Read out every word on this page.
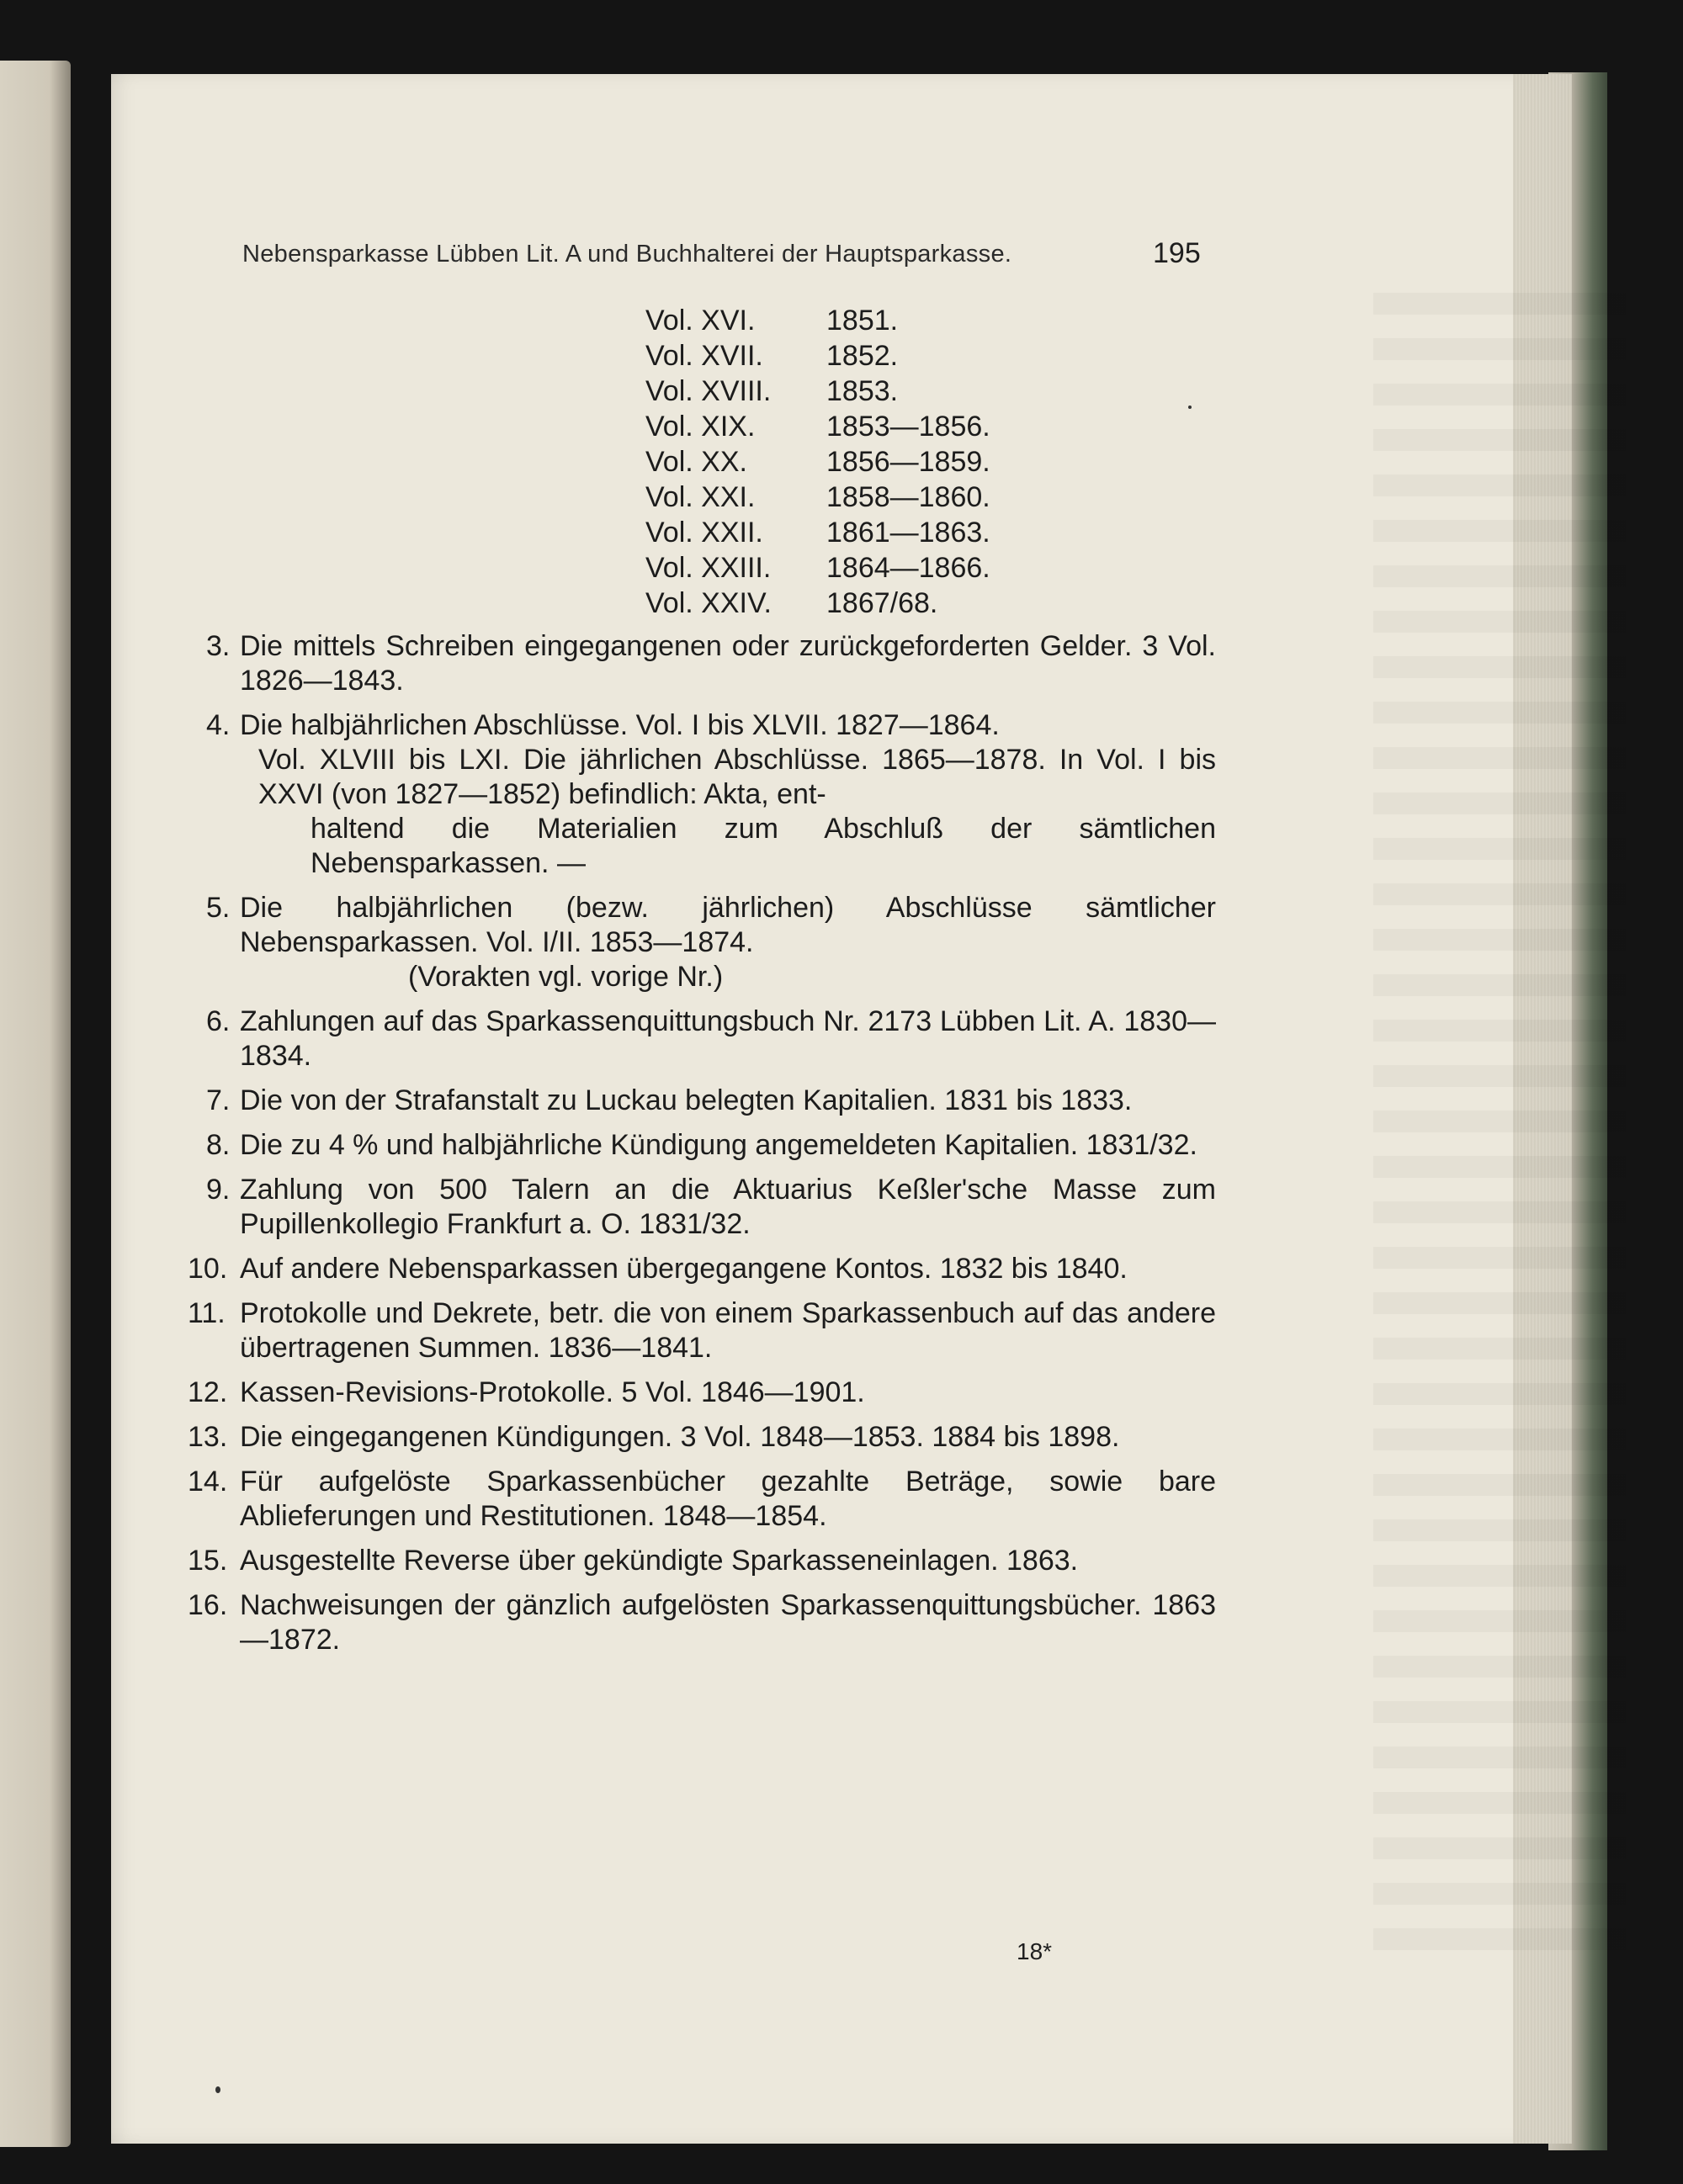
Nebensparkasse Lübben Lit. A und Buchhalterei der Hauptsparkasse.	195
Vol. XVI.	1851.
Vol. XVII.	1852.
Vol. XVIII.	1853.
Vol. XIX.	1853—1856.
Vol. XX.	1856—1859.
Vol. XXI.	1858—1860.
Vol. XXII.	1861—1863.
Vol. XXIII.	1864—1866.
Vol. XXIV.	1867/68.
3. Die mittels Schreiben eingegangenen oder zurückgeforderten Gelder. 3 Vol. 1826—1843.
4. Die halbjährlichen Abschlüsse. Vol. I bis XLVII. 1827—1864.
Vol. XLVIII bis LXI. Die jährlichen Abschlüsse. 1865—1878. In Vol. I bis XXVI (von 1827—1852) befindlich: Akta, ent-
haltend die Materialien zum Abschluß der sämtlichen Nebensparkassen. —
5. Die halbjährlichen (bezw. jährlichen) Abschlüsse sämtlicher Nebensparkassen. Vol. I/II. 1853—1874.
(Vorakten vgl. vorige Nr.)
6. Zahlungen auf das Sparkassenquittungsbuch Nr. 2173 Lübben Lit. A. 1830—1834.
7. Die von der Strafanstalt zu Luckau belegten Kapitalien. 1831 bis 1833.
8. Die zu 4 % und halbjährliche Kündigung angemeldeten Kapitalien. 1831/32.
9. Zahlung von 500 Talern an die Aktuarius Keßler'sche Masse zum Pupillenkollegio Frankfurt a. O. 1831/32.
10. Auf andere Nebensparkassen übergegangene Kontos. 1832 bis 1840.
11. Protokolle und Dekrete, betr. die von einem Sparkassenbuch auf das andere übertragenen Summen. 1836—1841.
12. Kassen-Revisions-Protokolle. 5 Vol. 1846—1901.
13. Die eingegangenen Kündigungen. 3 Vol. 1848—1853. 1884 bis 1898.
14. Für aufgelöste Sparkassenbücher gezahlte Beträge, sowie bare Ablieferungen und Restitutionen. 1848—1854.
15. Ausgestellte Reverse über gekündigte Sparkasseneinlagen. 1863.
16. Nachweisungen der gänzlich aufgelösten Sparkassenquittungsbücher. 1863—1872.
18*
